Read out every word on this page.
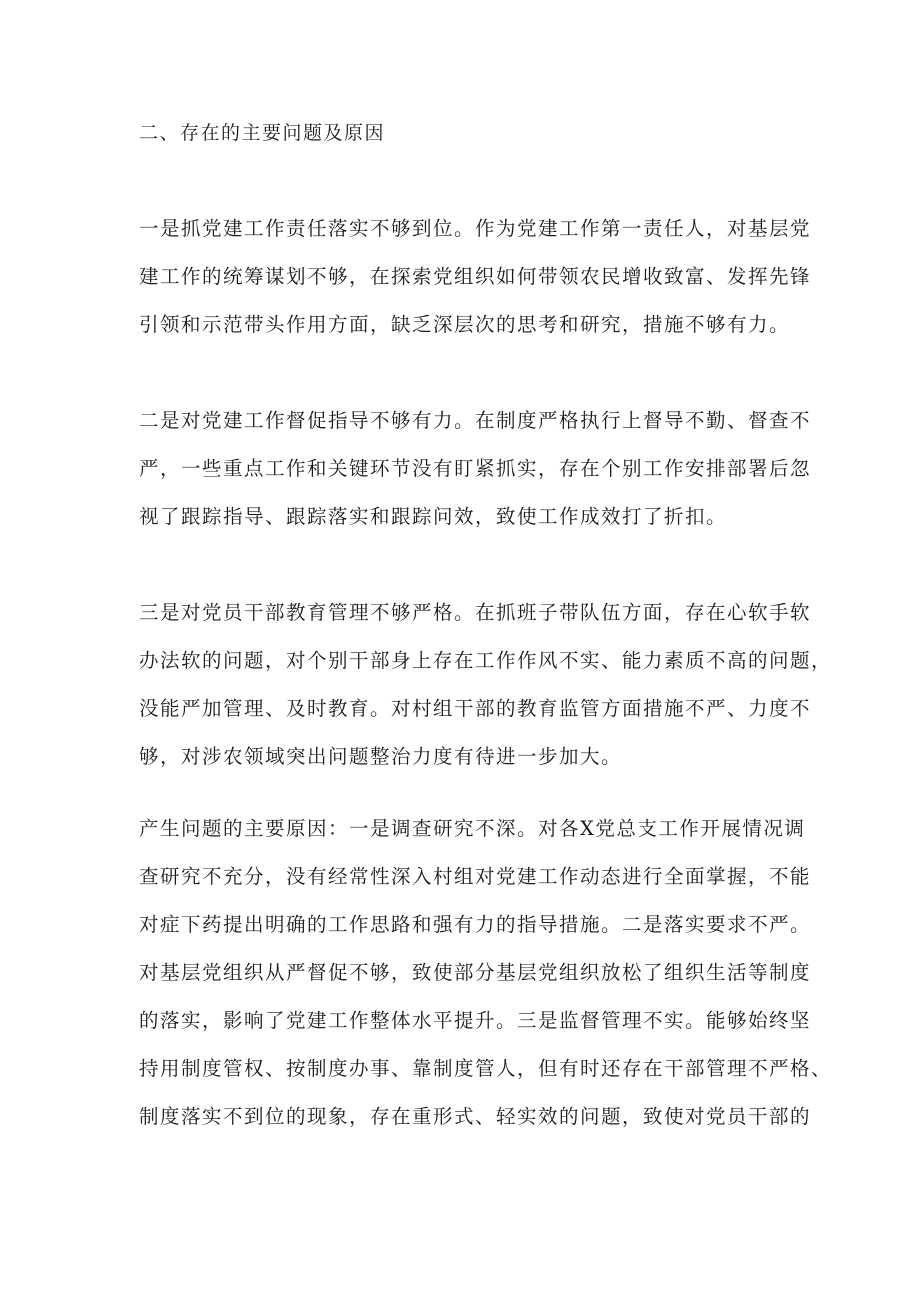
二、存在的主要问题及原因
一是抓党建工作责任落实不够到位。作为党建工作第一责任人，对基层党
建工作的统筹谋划不够，在探索党组织如何带领农民增收致富、发挥先锋
引领和示范带头作用方面，缺乏深层次的思考和研究，措施不够有力。
二是对党建工作督促指导不够有力。在制度严格执行上督导不勤、督查不
严，一些重点工作和关键环节没有盯紧抓实，存在个别工作安排部署后忽
视了跟踪指导、跟踪落实和跟踪问效，致使工作成效打了折扣。
三是对党员干部教育管理不够严格。在抓班子带队伍方面，存在心软手软
办法软的问题，对个别干部身上存在工作作风不实、能力素质不高的问题，
没能严加管理、及时教育。对村组干部的教育监管方面措施不严、力度不
够，对涉农领域突出问题整治力度有待进一步加大。
产生问题的主要原因：一是调查研究不深。对各X党总支工作开展情况调
查研究不充分，没有经常性深入村组对党建工作动态进行全面掌握，不能
对症下药提出明确的工作思路和强有力的指导措施。二是落实要求不严。
对基层党组织从严督促不够，致使部分基层党组织放松了组织生活等制度
的落实，影响了党建工作整体水平提升。三是监督管理不实。能够始终坚
持用制度管权、按制度办事、靠制度管人，但有时还存在干部管理不严格、
制度落实不到位的现象，存在重形式、轻实效的问题，致使对党员干部的
